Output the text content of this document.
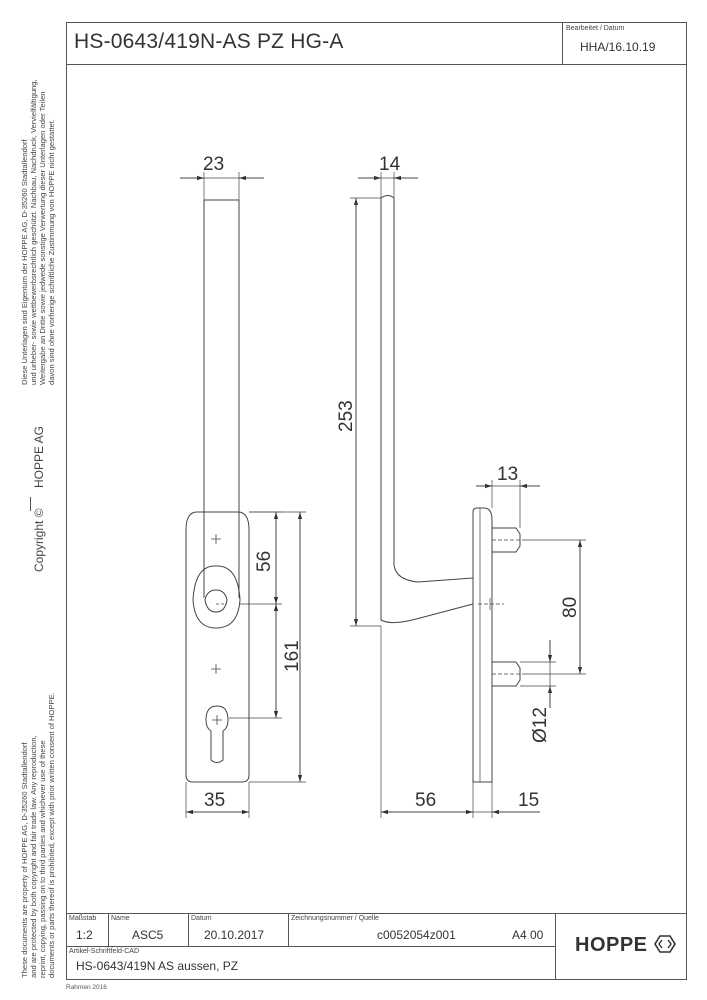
HS-0643/419N-AS PZ HG-A
Bearbeitet / Datum
HHA/16.10.19
Diese Unterlagen sind Eigentum der HOPPE AG, D-35260 Stadtallendorf und urheber- sowie wettbewerbsrechtlich geschützt. Nachbau, Nachdruck, Vervielfältigung, Weitergabe an Dritte sowie jedwede sonstige Verwertung dieser Unterlagen oder Teilen davon sind ohne vorherige schriftliche Zustimmung von HOPPE nicht gestattet.
HOPPE AG
Copyright ©
These documents are property of HOPPE AG, D-35260 Stadtallendorf and are protected by both copyright and fair trade law. Any reproduction, reprint, copying, passing on to third parties and whichever use of these documents or parts thereof is prohibited, except with prior written consent of HOPPE.
23	14
253
56
161
35
13
80
Ø12
56	15
Maßstab
1:2
Name
ASC5
Datum
20.10.2017
Zeichnungsnummer / Quelle
c0052054z001	A4 00
Artikel-Schriftfeld-CAD
HS-0643/419N AS aussen, PZ
HOPPE
Rahmen 2016
